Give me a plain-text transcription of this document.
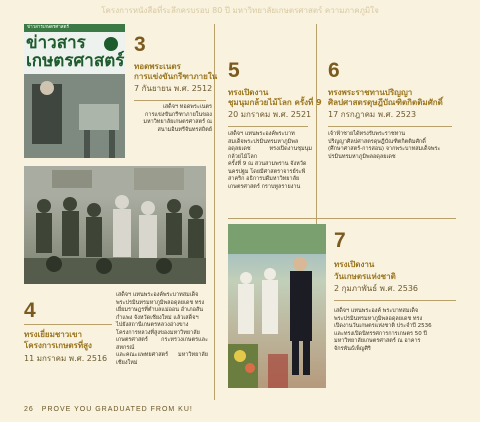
โครงการหนังสือที่ระลึกครบรอบ 80 ปี มหาวิทยาลัยเกษตรศาสตร์ ความภาคภูมิใจ
ข่าวสารเกษตรศาสตร์
ข่าวสาร
เกษตรศาสตร์
3
ทอดพระเนตร
การแข่งขันกรีฑาภายใน
7 กันยายน พ.ศ. 2512

เสด็จฯ ทอดพระเนตร

การแข่งขันกรีฑาภายในของ

มหาวิทยาลัยเกษตรศาสตร์ ณ

สนามอินทรีจันทรสถิตย์

4
ทรงเยี่ยมชาวเขา
โครงการเกษตรที่สูง
11 มกราคม พ.ศ. 2516

เสด็จฯ แทนพระองค์พระบาทสมเด็จ

พระปรมินทรมหาภูมิพลอดุลยเดช ทรง

เยี่ยมราษฎรที่ตำบลแม่ออน อำเภอสัน

กำแพง จังหวัดเชียงใหม่ แล้วเสด็จฯ

ไปยังสถานีเกษตรหลวงอ่างขาง

โครงการหลวงที่สูงของมหาวิทยาลัย

เกษตรศาสตร์ กระทรวงเกษตรและสหกรณ์

และคณะแพทยศาสตร์ มหาวิทยาลัยเชียงใหม่

5
ทรงเปิดงาน
ชุมนุมกล้วยไม้โลก ครั้งที่ 9
20 มกราคม พ.ศ. 2521

เสด็จฯ แทนพระองค์พระบาท

สมเด็จพระปรมินทรมหาภูมิพล

อดุลยเดช ทรงเปิดงานชุมนุมกล้วยไม้โลก

ครั้งที่ 9 ณ สวนสามพราน จังหวัด

นครปฐม โดยมีศาสตราจารย์ระพี

สาคริก อธิการบดีมหาวิทยาลัย

เกษตรศาสตร์ กราบทูลรายงาน

6
ทรงพระราชทานปริญญา
ศิลปศาสตรดุษฎีบัณฑิตกิตติมศักดิ์
17 กรกฎาคม พ.ศ. 2523

เจ้าฟ้าชายได้ทรงรับพระราชทาน

ปริญญาศิลปศาสตรดุษฎีบัณฑิตกิตติมศักดิ์

(ศึกษาศาสตร์-การสอน) จากพระบาทสมเด็จพระ

ปรมินทรมหาภูมิพลอดุลยเดช

7
ทรงเปิดงาน
วันเกษตรแห่งชาติ
2 กุมภาพันธ์ พ.ศ. 2536

เสด็จฯ แทนพระองค์ พระบาทสมเด็จ

พระปรมินทรมหาภูมิพลอดุลยเดช ทรง

เปิดงานวันเกษตรแห่งชาติ ประจำปี 2536

และทรงเปิดนิทรรศการการเกษตร 50 ปี

มหาวิทยาลัยเกษตรศาสตร์ ณ อาคาร

จักรพันธ์เพ็ญศิริ

26 PROVE YOU GRADUATED FROM KU!
